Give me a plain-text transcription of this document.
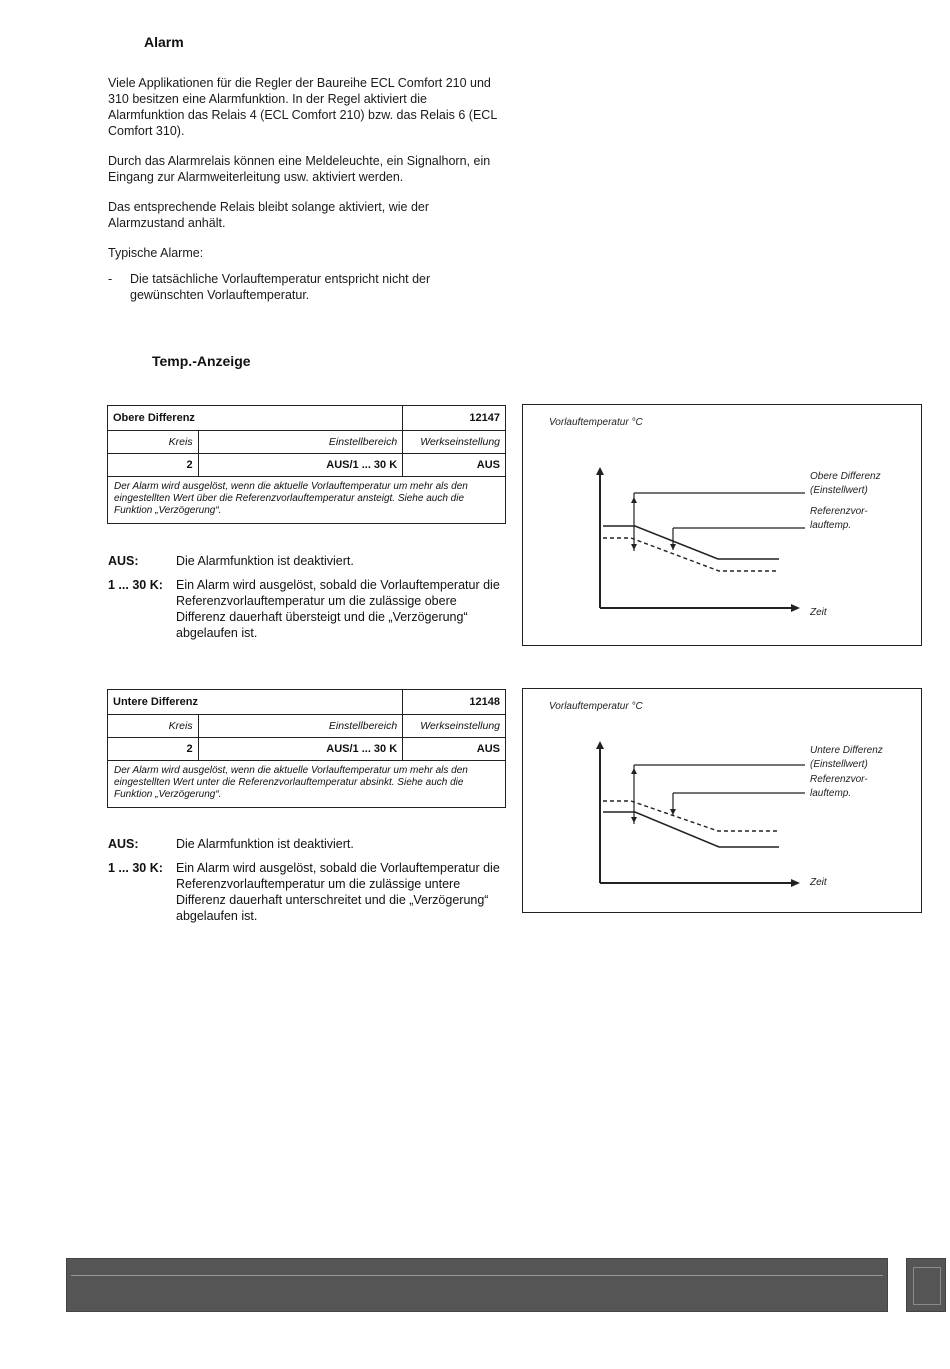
Alarm

Viele Applikationen für die Regler der Baureihe ECL Comfort 210 und 310 besitzen eine Alarmfunktion. In der Regel aktiviert die Alarmfunktion das Relais 4 (ECL Comfort 210) bzw. das Relais 6 (ECL Comfort 310).

Durch das Alarmrelais können eine Meldeleuchte, ein Signalhorn, ein Eingang zur Alarmweiterleitung usw. aktiviert werden.

Das entsprechende Relais bleibt solange aktiviert, wie der Alarmzustand anhält.

Typische Alarme:

-	Die tatsächliche Vorlauftemperatur entspricht nicht der gewünschten Vorlauftemperatur.
Temp.-Anzeige
Obere Differenz		12147
Kreis	Einstellbereich	Werkseinstellung
2	AUS/1 ... 30 K	AUS
Der Alarm wird ausgelöst, wenn die aktuelle Vorlauftemperatur um mehr als den eingestellten Wert über die Referenzvorlauftemperatur ansteigt. Siehe auch die Funktion „Verzögerung“.		
AUS:	Die Alarmfunktion ist deaktiviert.
1 ... 30 K:	Ein Alarm wird ausgelöst, sobald die Vorlauftemperatur die Referenzvorlauftemperatur um die zulässige obere Differenz dauerhaft übersteigt und die „Verzögerung“ abgelaufen ist.
Vorlauftemperatur °C
Zeit
Obere Differenz
(Einstellwert)
Referenzvor-
lauftemp.
Untere Differenz		12148
Kreis	Einstellbereich	Werkseinstellung
2	AUS/1 ... 30 K	AUS
Der Alarm wird ausgelöst, wenn die aktuelle Vorlauftemperatur um mehr als den eingestellten Wert unter die Referenzvorlauftemperatur absinkt. Siehe auch die Funktion „Verzögerung“.		
AUS:	Die Alarmfunktion ist deaktiviert.
1 ... 30 K:	Ein Alarm wird ausgelöst, sobald die Vorlauftemperatur die Referenzvorlauftemperatur um die zulässige untere Differenz dauerhaft unterschreitet und die „Verzögerung“ abgelaufen ist.
Vorlauftemperatur °C
Zeit
Untere Differenz
(Einstellwert)
Referenzvor-
lauftemp.
